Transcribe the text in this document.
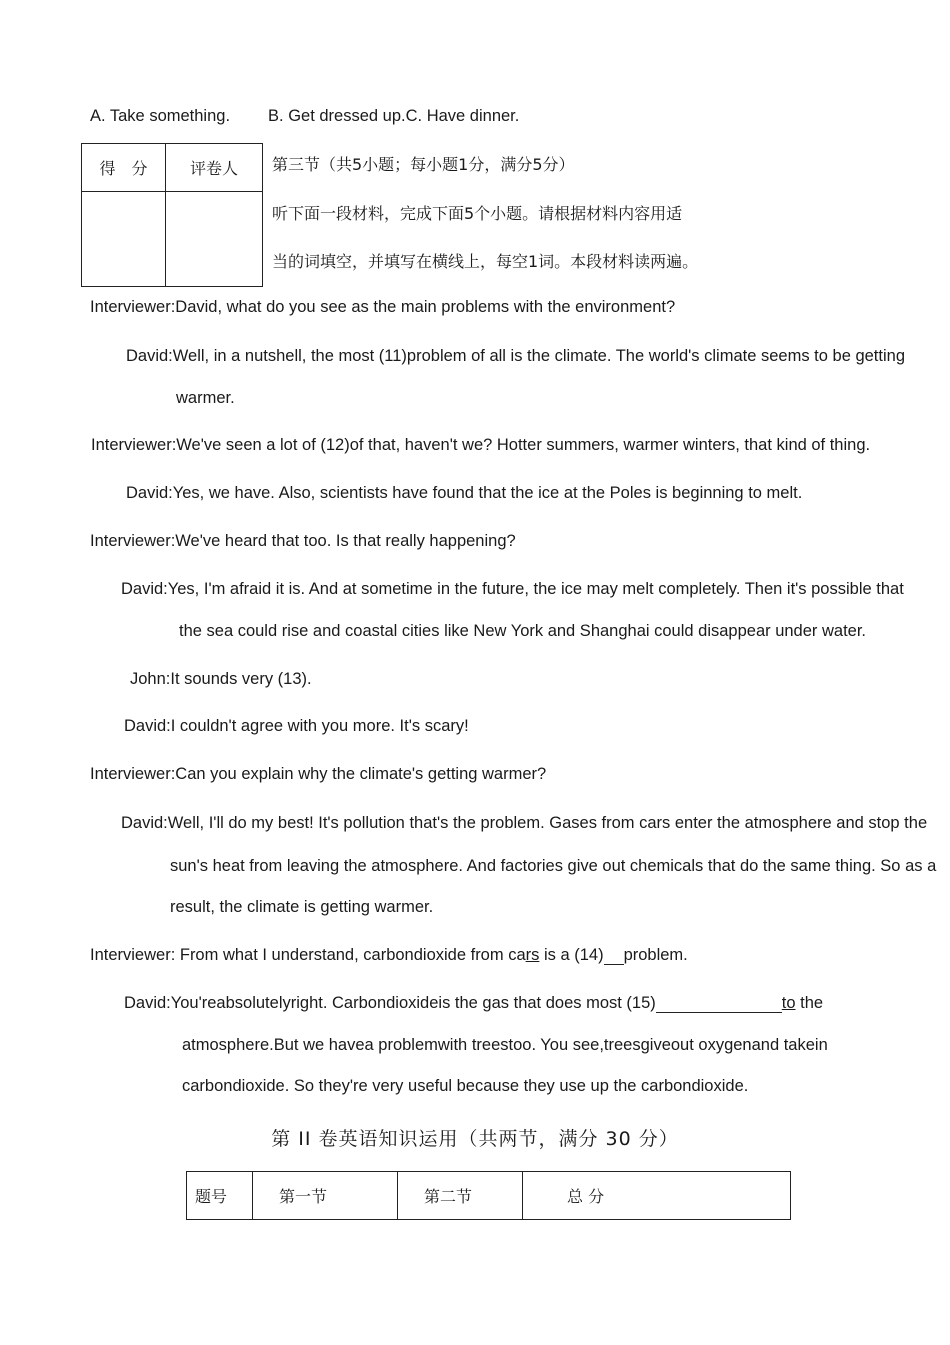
A. Take something. B. Get dressed up.C. Have dinner.
得　分	评卷人
	第三节（共5小题；每小题1分，满分5分）
听下面一段材料，完成下面5个小题。请根据材料内容用适
当的词填空，并填写在横线上，每空1词。本段材料读两遍。
Interviewer:David, what do you see as the main problems with the environment?
David:Well, in a nutshell, the most (11)problem of all is the climate. The world's climate seems to be getting
warmer.
Interviewer:We've seen a lot of (12)of that, haven't we? Hotter summers, warmer winters, that kind of thing.
David:Yes, we have. Also, scientists have found that the ice at the Poles is beginning to melt.
Interviewer:We've heard that too. Is that really happening?
David:Yes, I'm afraid it is. And at sometime in the future, the ice may melt completely. Then it's possible that
the sea could rise and coastal cities like New York and Shanghai could disappear under water.
John:It sounds very (13).
David:I couldn't agree with you more. It's scary!
Interviewer:Can you explain why the climate's getting warmer?
David:Well, I'll do my best! It's pollution that's the problem. Gases from cars enter the atmosphere and stop the
sun's heat from leaving the atmosphere. And factories give out chemicals that do the same thing. So as a
result, the climate is getting warmer.
Interviewer: From what I understand, carbondioxide from cars is a (14) problem.
David:You'reabsolutelyright. Carbondioxideis the gas that does most (15)	to the
atmosphere.But we havea problemwith treestoo. You see,treesgiveout oxygenand takein
carbondioxide. So they're very useful because they use up the carbondioxide.
第 II 卷英语知识运用（共两节，满分 30 分）
题号	第一节	第二节	总 分
